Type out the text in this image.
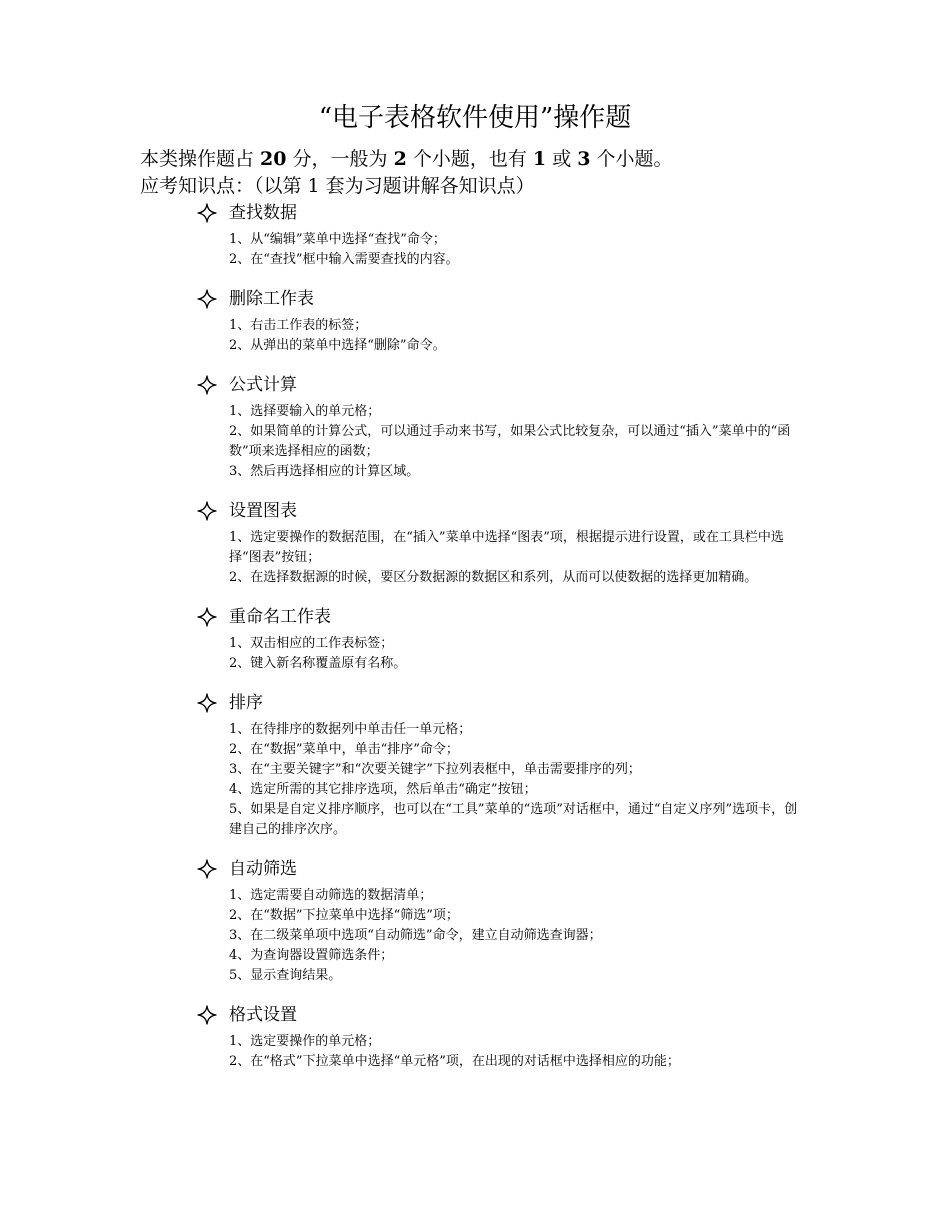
“电子表格软件使用”操作题
本类操作题占 20 分，一般为 2 个小题，也有 1 或 3 个小题。
应考知识点：（以第 1 套为习题讲解各知识点）
查找数据
1、从“编辑”菜单中选择“查找”命令；
2、在“查找”框中输入需要查找的内容。
删除工作表
1、右击工作表的标签；
2、从弹出的菜单中选择“删除”命令。
公式计算
1、选择要输入的单元格；
2、如果简单的计算公式，可以通过手动来书写，如果公式比较复杂，可以通过“插入”菜单中的“函数”项来选择相应的函数；
3、然后再选择相应的计算区域。
设置图表
1、选定要操作的数据范围，在“插入”菜单中选择“图表”项，根据提示进行设置，或在工具栏中选择“图表”按钮；
2、在选择数据源的时候，要区分数据源的数据区和系列，从而可以使数据的选择更加精确。
重命名工作表
1、双击相应的工作表标签；
2、键入新名称覆盖原有名称。
排序
1、在待排序的数据列中单击任一单元格；
2、在“数据”菜单中，单击“排序”命令；
3、在“主要关键字”和“次要关键字”下拉列表框中，单击需要排序的列；
4、选定所需的其它排序选项，然后单击“确定”按钮；
5、如果是自定义排序顺序，也可以在“工具”菜单的“选项”对话框中，通过“自定义序列”选项卡，创建自己的排序次序。
自动筛选
1、选定需要自动筛选的数据清单；
2、在“数据”下拉菜单中选择“筛选”项；
3、在二级菜单项中选项“自动筛选”命令，建立自动筛选查询器；
4、为查询器设置筛选条件；
5、显示查询结果。
格式设置
1、选定要操作的单元格；
2、在“格式”下拉菜单中选择“单元格”项，在出现的对话框中选择相应的功能；
